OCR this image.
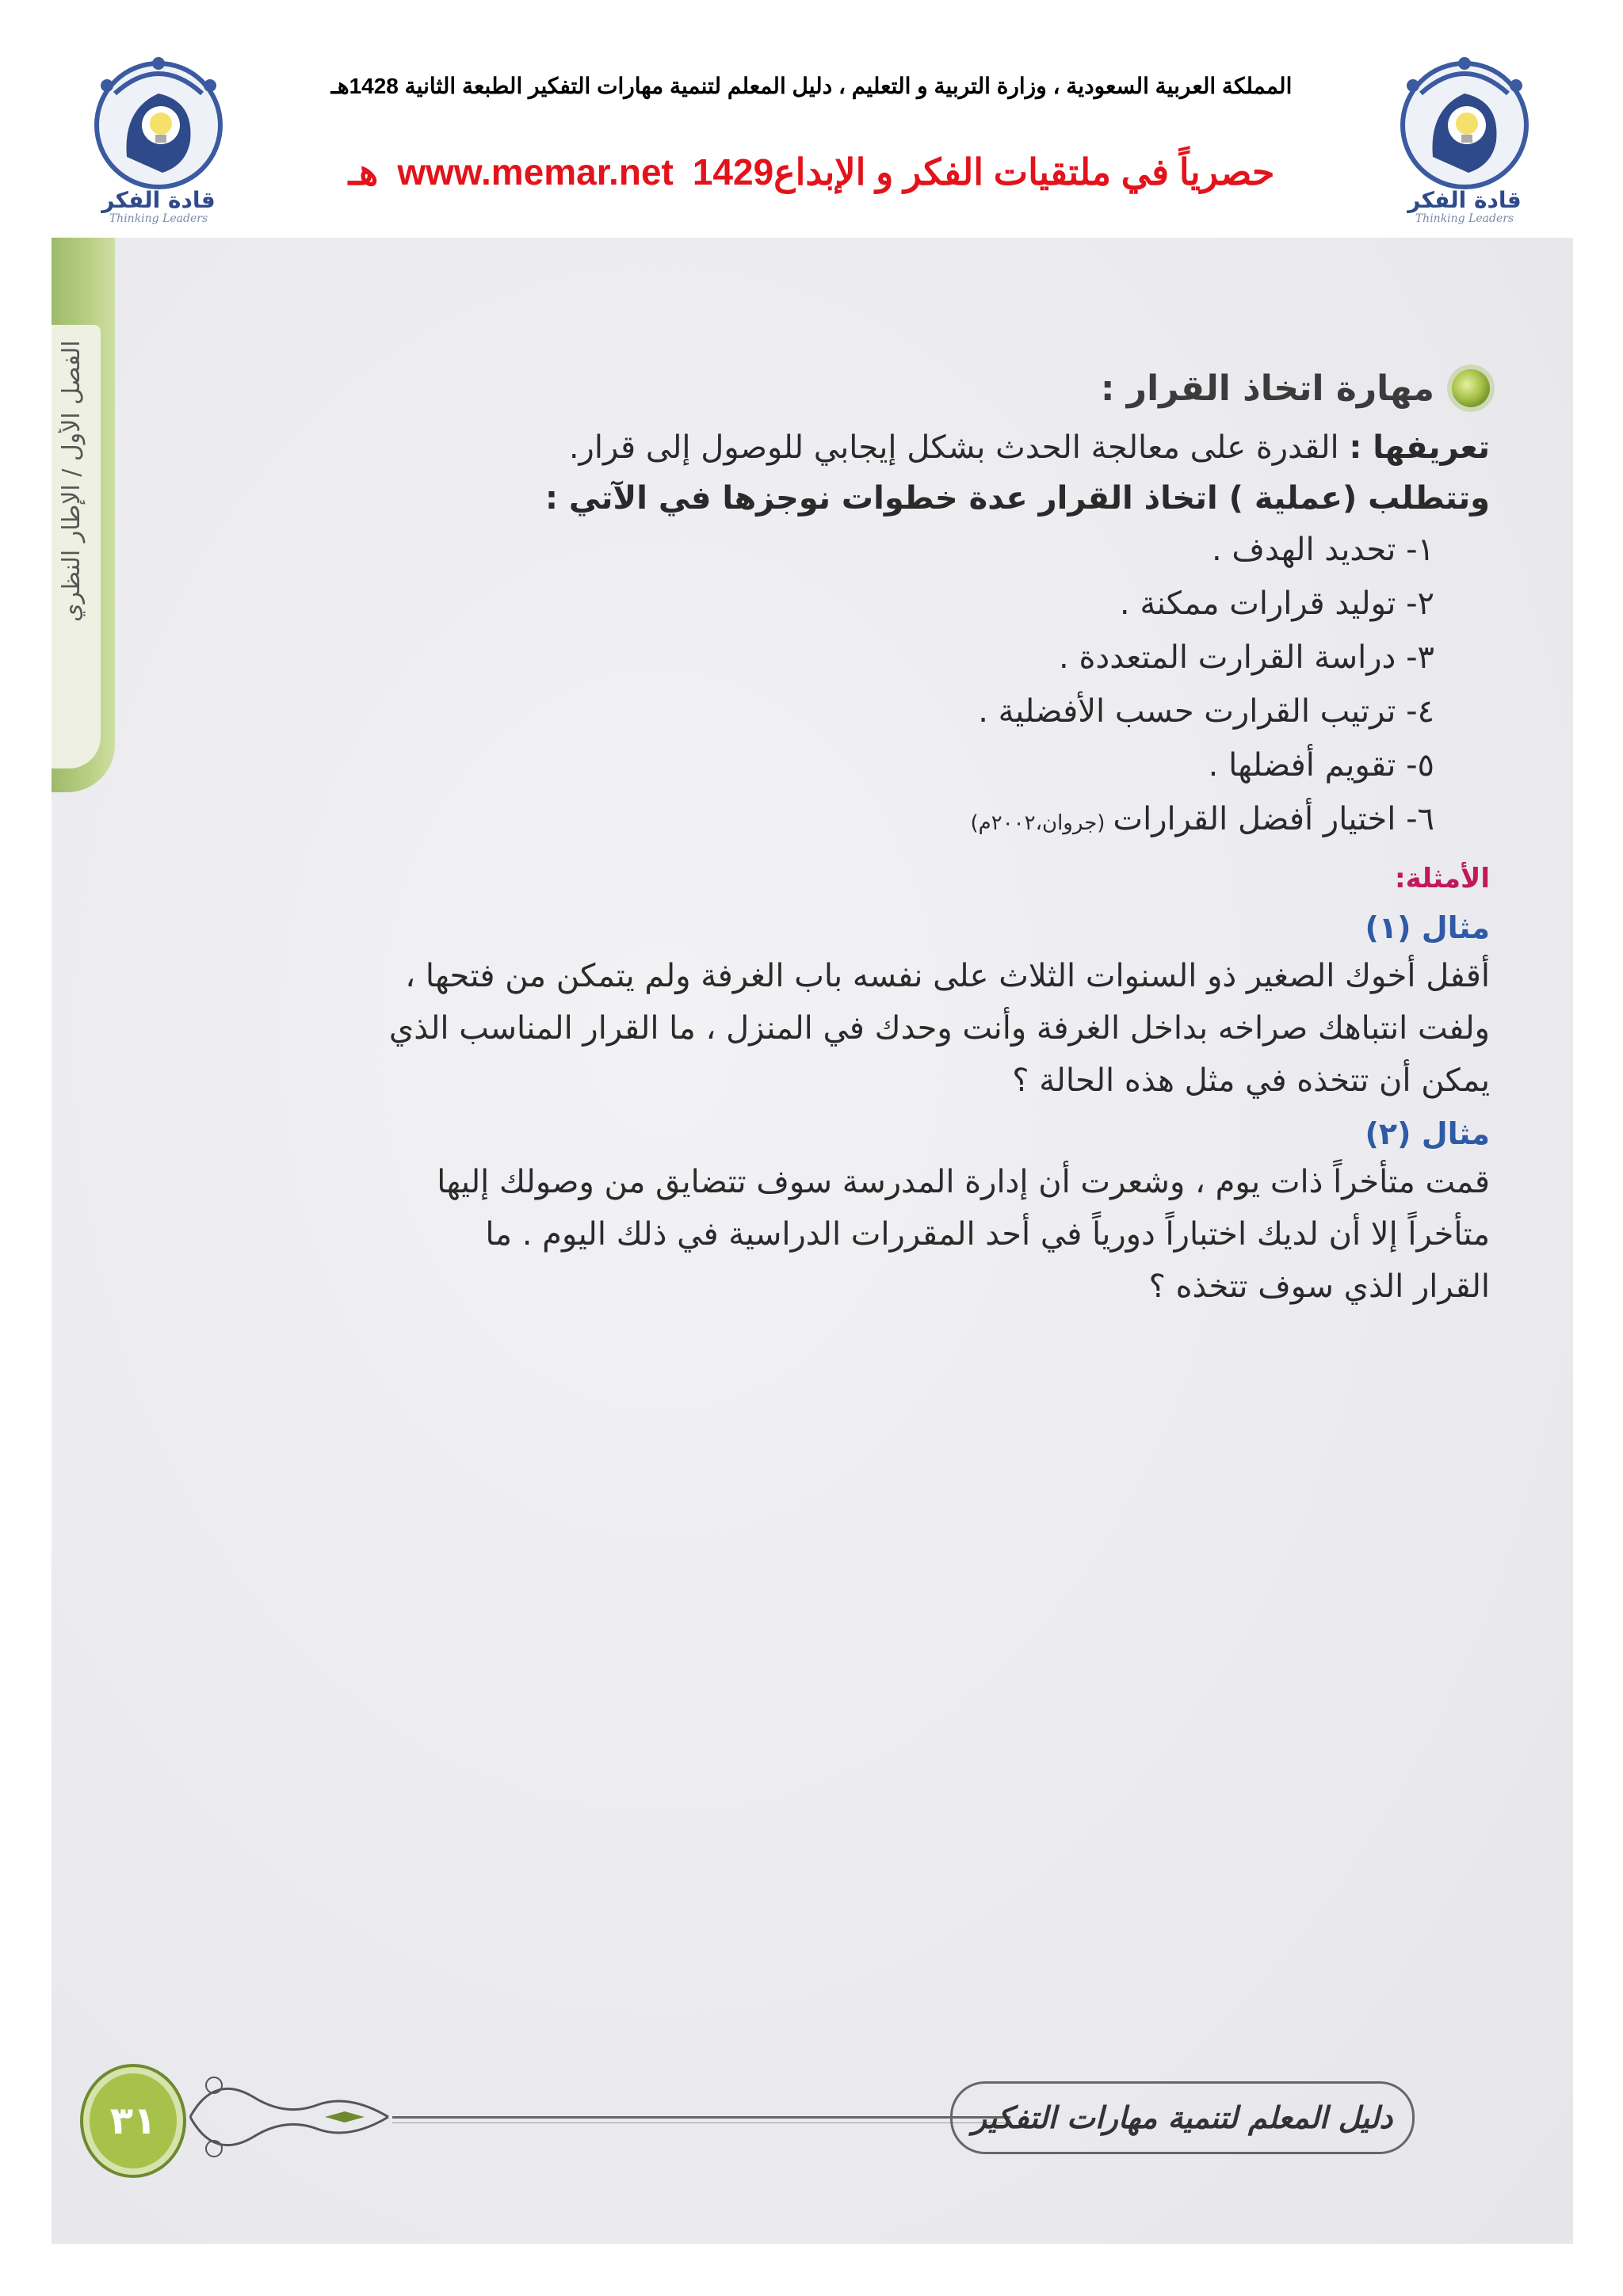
قادة الفكر
Thinking Leaders
قادة الفكر
Thinking Leaders
المملكة العربية السعودية ، وزارة التربية و التعليم ، دليل المعلم لتنمية مهارات التفكير الطبعة الثانية 1428هـ
حصرياً في ملتقيات الفكر و الإبداعwww.memar.net1429هـ
الفصل الأول / الإطار النظري	مهارة اتخاذ القرار :
تعريفها : القدرة على معالجة الحدث بشكل إيجابي للوصول إلى قرار.
وتتطلب (عملية ) اتخاذ القرار عدة خطوات نوجزها في الآتي :
١- تحديد الهدف .
٢- توليد قرارات ممكنة .
٣- دراسة القرارت المتعددة .
٤- ترتيب القرارت حسب الأفضلية .
٥- تقويم أفضلها .
٦- اختيار أفضل القرارات(جروان،٢٠٠٢م)
الأمثلة:
مثال (١)
أقفل أخوك الصغير ذو السنوات الثلاث على نفسه باب الغرفة ولم يتمكن من فتحها ،
ولفت انتباهك صراخه بداخل الغرفة وأنت وحدك في المنزل ، ما القرار المناسب الذي
يمكن أن تتخذه في مثل هذه الحالة ؟
مثال (٢)
قمت متأخراً ذات يوم ، وشعرت أن إدارة المدرسة سوف تتضايق من وصولك إليها
متأخراً إلا أن لديك اختباراً دورياً في أحد المقررات الدراسية في ذلك اليوم . ما
القرار الذي سوف تتخذه ؟
٣١	دليل المعلم لتنمية مهارات التفكير
